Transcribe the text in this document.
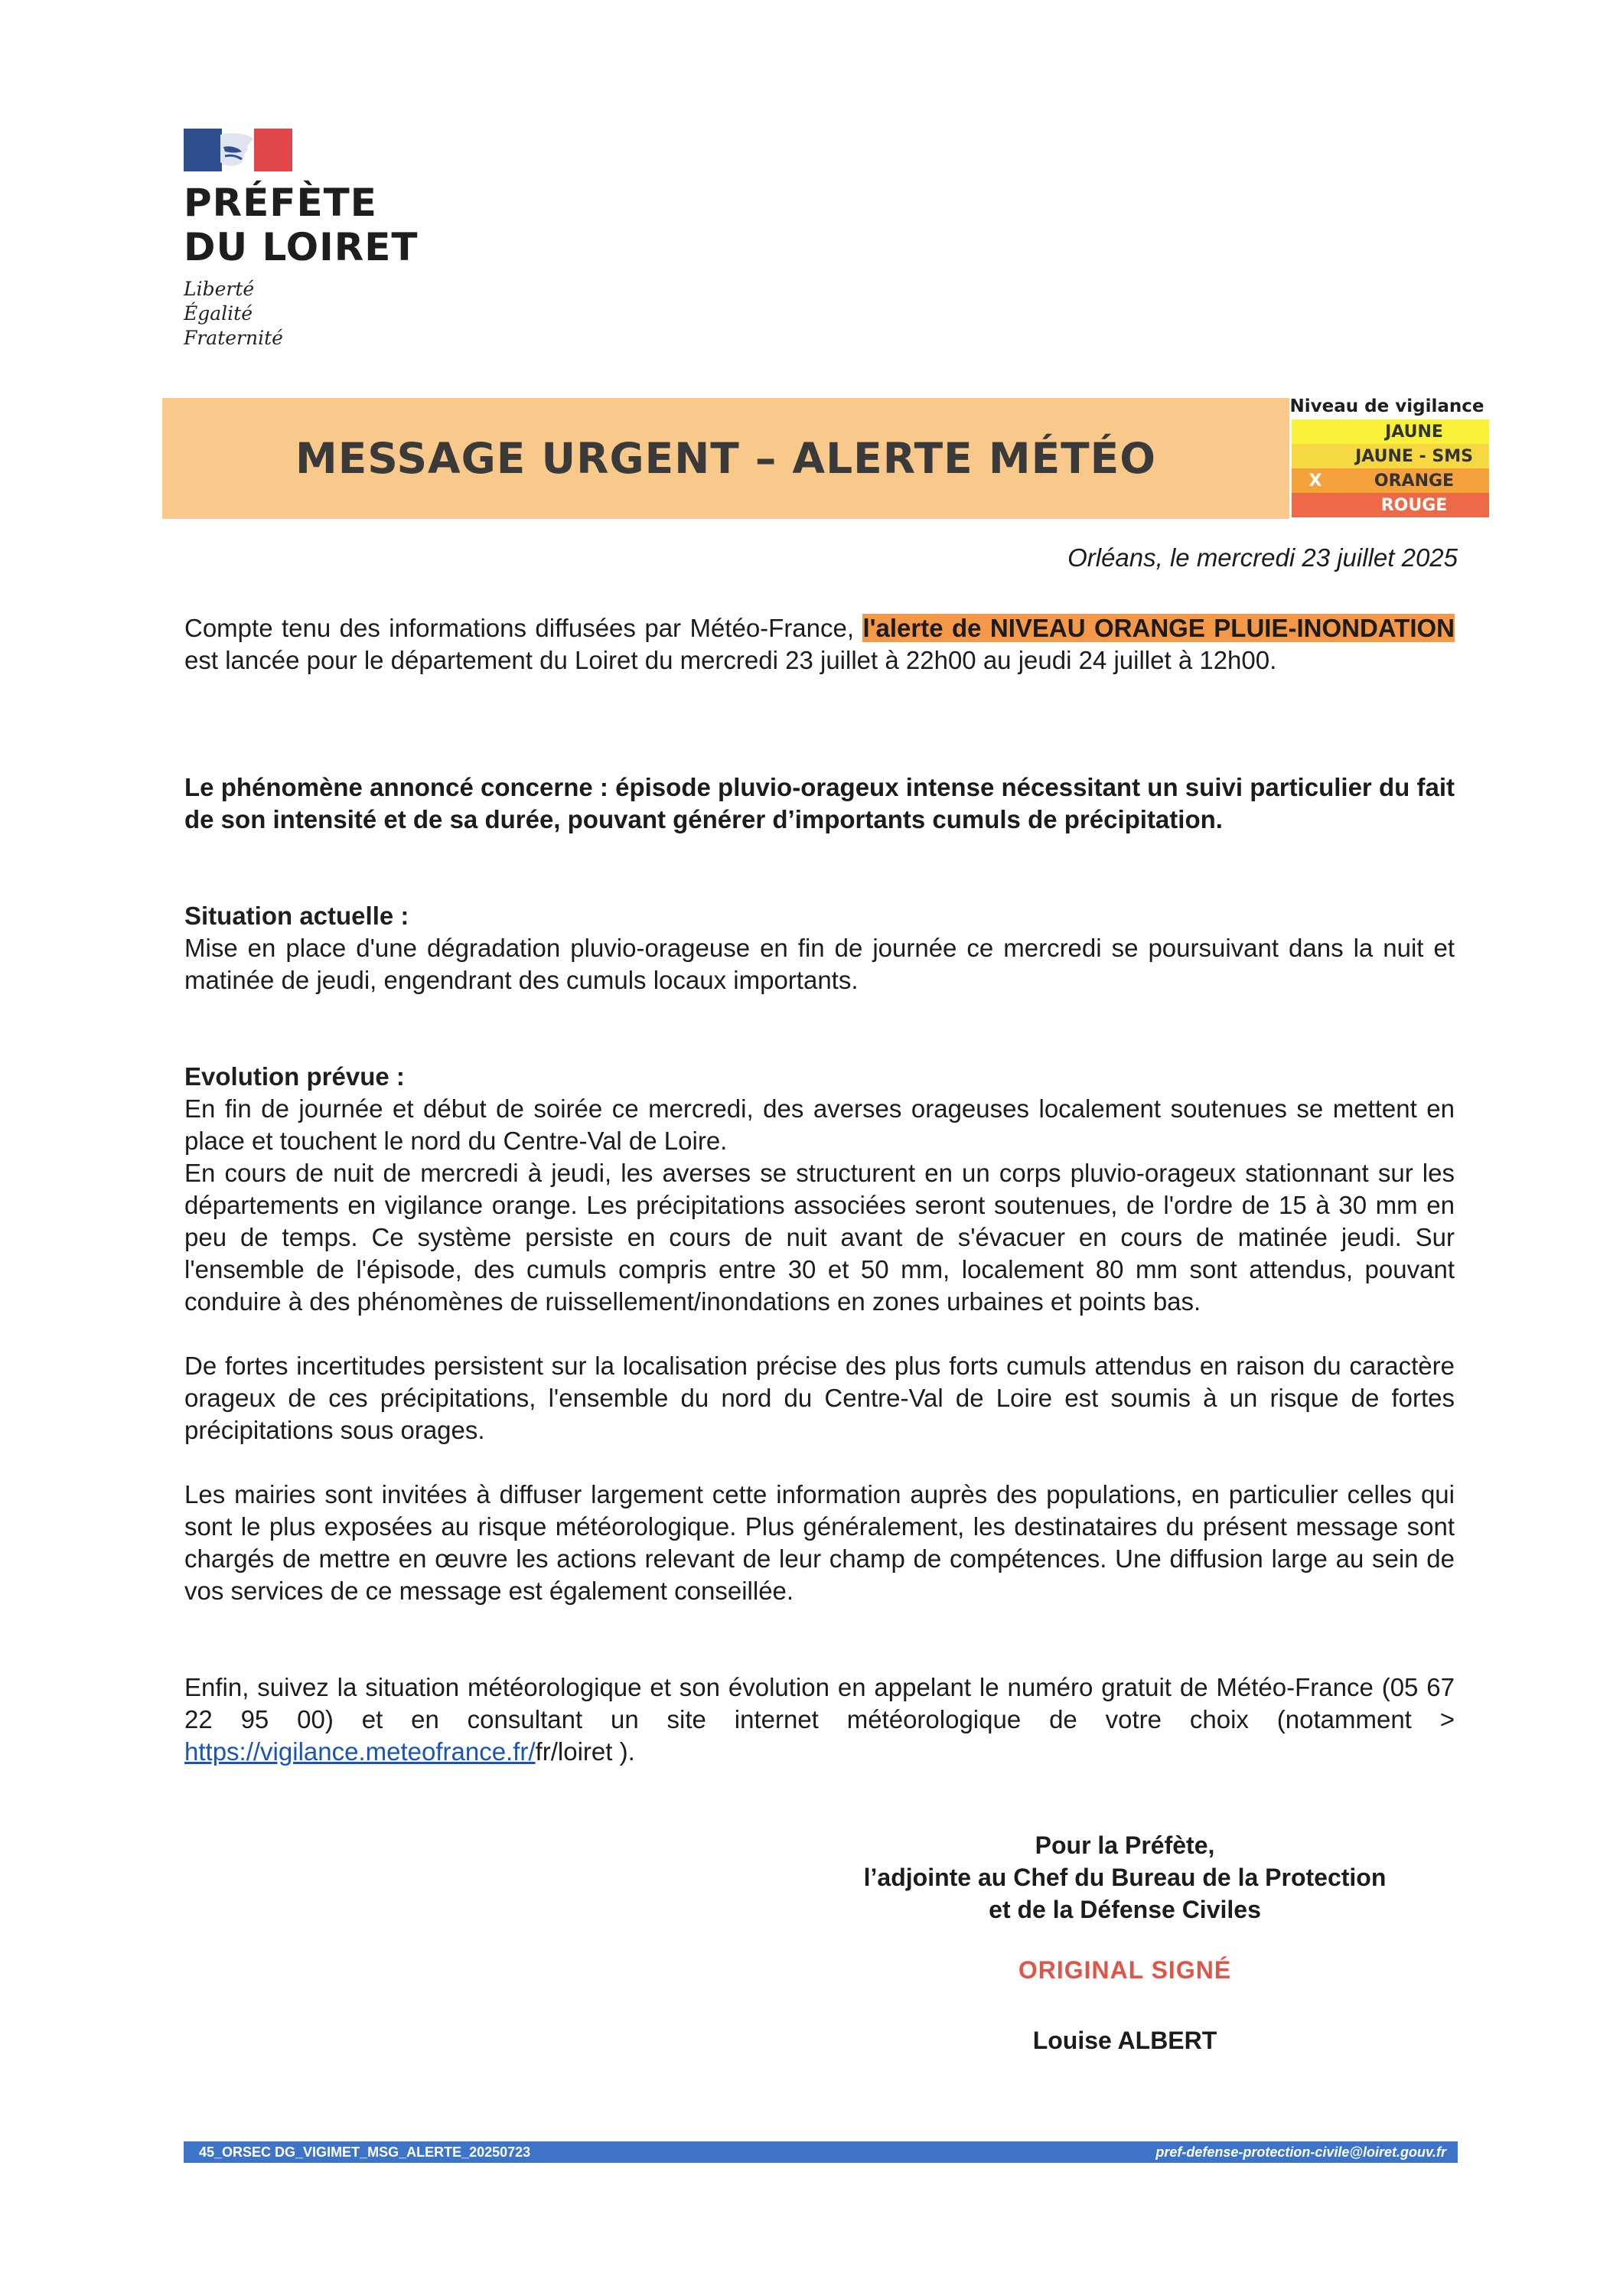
PRÉFÈTE
DU LOIRET
Liberté
Égalité
Fraternité
MESSAGE URGENT – ALERTE MÉTÉO
Niveau de vigilance
JAUNE
JAUNE - SMS
X	ORANGE
ROUGE
Orléans, le mercredi 23 juillet 2025
Compte tenu des informations diffusées par Météo-France, l'alerte de NIVEAU ORANGE PLUIE-INONDATION est lancée pour le département du Loiret du mercredi 23 juillet à 22h00 au jeudi 24 juillet à 12h00.
Le phénomène annoncé concerne : épisode pluvio-orageux intense nécessitant un suivi particulier du fait de son intensité et de sa durée, pouvant générer d’importants cumuls de précipitation.
Situation actuelle :
Mise en place d'une dégradation pluvio-orageuse en fin de journée ce mercredi se poursuivant dans la nuit et matinée de jeudi, engendrant des cumuls locaux importants.
Evolution prévue :
En fin de journée et début de soirée ce mercredi, des averses orageuses localement soutenues se mettent en place et touchent le nord du Centre-Val de Loire.
En cours de nuit de mercredi à jeudi, les averses se structurent en un corps pluvio-orageux stationnant sur les départements en vigilance orange. Les précipitations associées seront soutenues, de l'ordre de 15 à 30 mm en peu de temps. Ce système persiste en cours de nuit avant de s'évacuer en cours de matinée jeudi. Sur l'ensemble de l'épisode, des cumuls compris entre 30 et 50 mm, localement 80 mm sont attendus, pouvant conduire à des phénomènes de ruissellement/inondations en zones urbaines et points bas.
De fortes incertitudes persistent sur la localisation précise des plus forts cumuls attendus en raison du caractère orageux de ces précipitations, l'ensemble du nord du Centre-Val de Loire est soumis à un risque de fortes précipitations sous orages.
Les mairies sont invitées à diffuser largement cette information auprès des populations, en particulier celles qui sont le plus exposées au risque météorologique. Plus généralement, les destinataires du présent message sont chargés de mettre en œuvre les actions relevant de leur champ de compétences. Une diffusion large au sein de vos services de ce message est également conseillée.
Enfin, suivez la situation météorologique et son évolution en appelant le numéro gratuit de Météo-France (05 67 22 95 00) et en consultant un site internet météorologique de votre choix (notamment > https://vigilance.meteofrance.fr/fr/loiret ).
Pour la Préfète,
l’adjointe au Chef du Bureau de la Protection
et de la Défense Civiles
ORIGINAL SIGNÉ
Louise ALBERT
45_ORSEC DG_VIGIMET_MSG_ALERTE_20250723	pref-defense-protection-civile@loiret.gouv.fr
